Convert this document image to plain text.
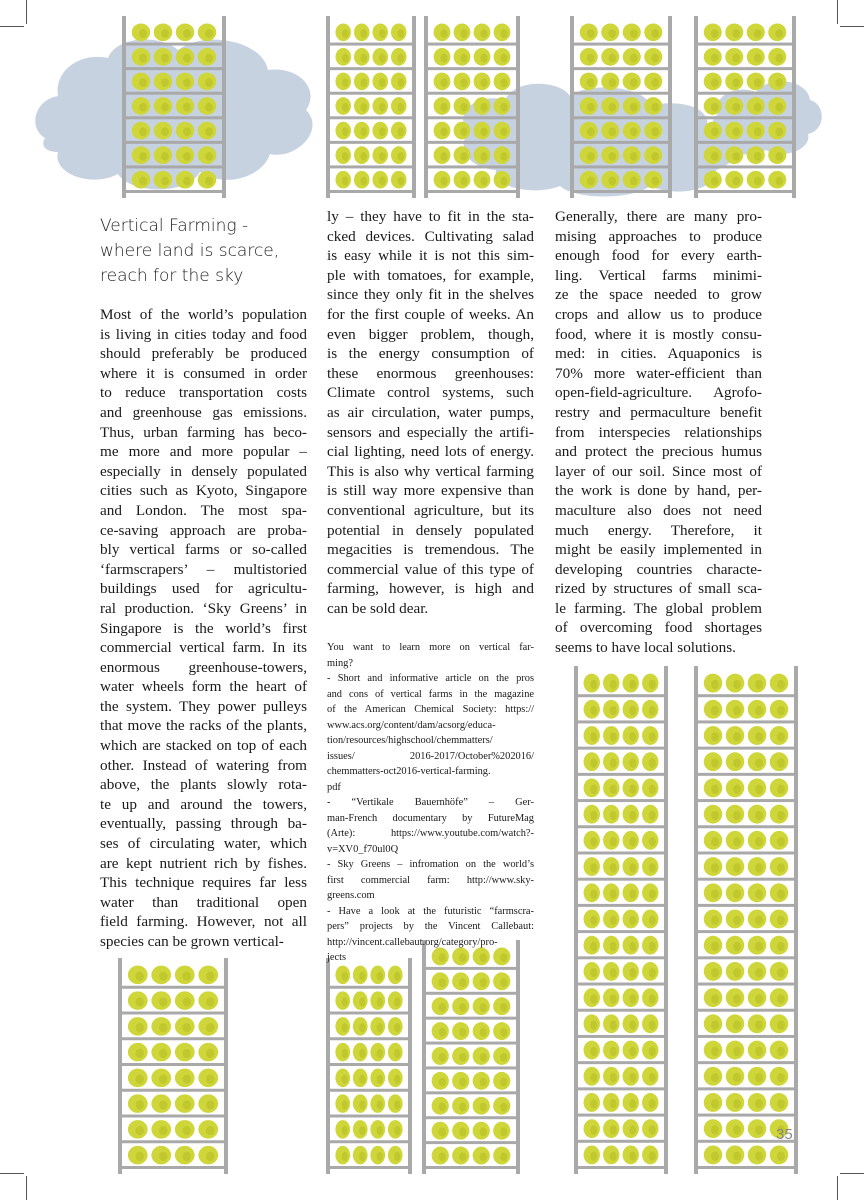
Vertical Farming -
where land is scarce,
reach for the sky
Most of the world’s population
is living in cities today and food
should preferably be produced
where it is consumed in order
to reduce transportation costs
and greenhouse gas emissions.
Thus, urban farming has beco-
me more and more popular –
especially in densely populated
cities such as Kyoto, Singapore
and London. The most spa-
ce-saving approach are proba-
bly vertical farms or so-called
‘farmscrapers’ – multistoried
buildings used for agricultu-
ral production. ‘Sky Greens’ in
Singapore is the world’s first
commercial vertical farm. In its
enormous greenhouse-towers,
water wheels form the heart of
the system. They power pulleys
that move the racks of the plants,
which are stacked on top of each
other. Instead of watering from
above, the plants slowly rota-
te up and around the towers,
eventually, passing through ba-
ses of circulating water, which
are kept nutrient rich by fishes.
This technique requires far less
water than traditional open
field farming. However, not all
species can be grown vertical-
ly – they have to fit in the sta-
cked devices. Cultivating salad
is easy while it is not this sim-
ple with tomatoes, for example,
since they only fit in the shelves
for the first couple of weeks. An
even bigger problem, though,
is the energy consumption of
these enormous greenhouses:
Climate control systems, such
as air circulation, water pumps,
sensors and especially the artifi-
cial lighting, need lots of energy.
This is also why vertical farming
is still way more expensive than
conventional agriculture, but its
potential in densely populated
megacities is tremendous. The
commercial value of this type of
farming, however, is high and
can be sold dear.
Generally, there are many pro-
mising approaches to produce
enough food for every earth-
ling. Vertical farms minimi-
ze the space needed to grow
crops and allow us to produce
food, where it is mostly consu-
med: in cities. Aquaponics is
70% more water-efficient than
open-field-agriculture. Agrofo-
restry and permaculture benefit
from interspecies relationships
and protect the precious humus
layer of our soil. Since most of
the work is done by hand, per-
maculture also does not need
much energy. Therefore, it
might be easily implemented in
developing countries characte-
rized by structures of small sca-
le farming. The global problem
of overcoming food shortages
seems to have local solutions.
You want to learn more on vertical far-
ming?
- Short and informative article on the pros
and cons of vertical farms in the magazine
of the American Chemical Society: https://
www.acs.org/content/dam/acsorg/educa-
tion/resources/highschool/chemmatters/
issues/ 2016-2017/October%202016/
chemmatters-oct2016-vertical-farming.
pdf
- “Vertikale Bauernhöfe” – Ger-
man-French documentary by FutureMag
(Arte): https://www.youtube.com/watch?-
v=XV0_f70ul0Q
- Sky Greens – infromation on the world’s
first commercial farm: http://www.sky-
greens.com
- Have a look at the futuristic “farmscra-
pers” projects by the Vincent Callebaut:
http://vincent.callebaut.org/category/pro-
jects
35
